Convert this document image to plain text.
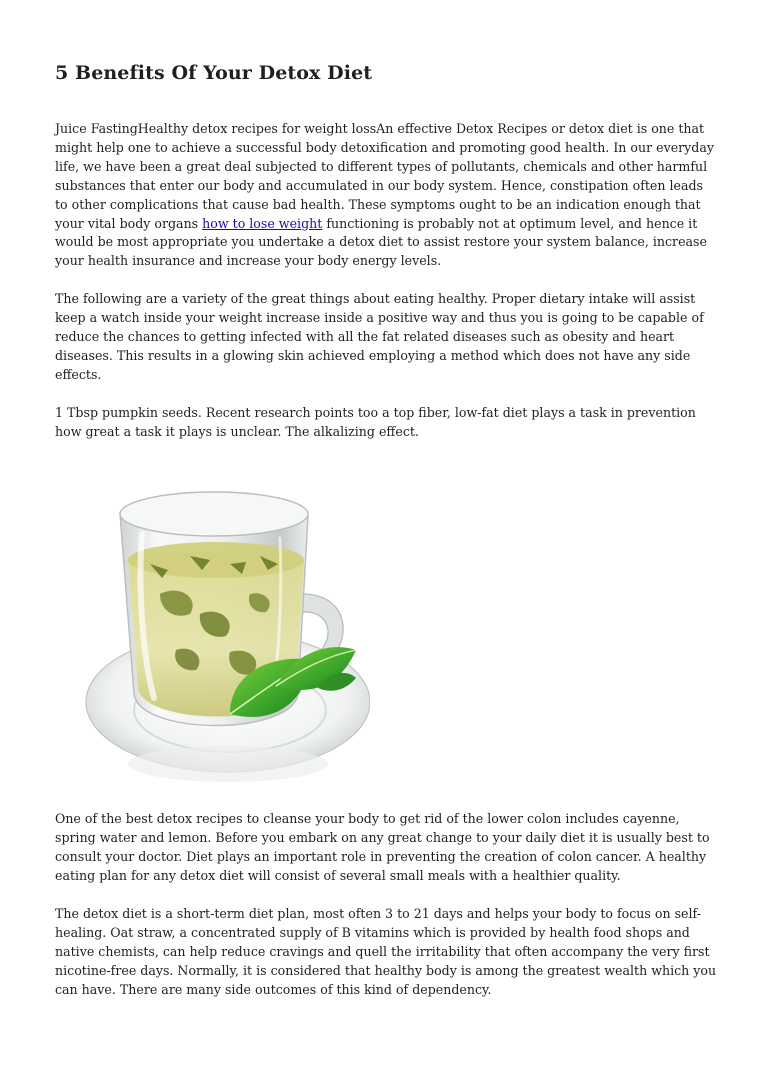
5 Benefits Of Your Detox Diet

Juice FastingHealthy detox recipes for weight lossAn effective Detox Recipes or detox diet is one that might help one to achieve a successful body detoxification and promoting good health. In our everyday life, we have been a great deal subjected to different types of pollutants, chemicals and other harmful substances that enter our body and accumulated in our body system. Hence, constipation often leads to other complications that cause bad health. These symptoms ought to be an indication enough that your vital body organs how to lose weight functioning is probably not at optimum level, and hence it would be most appropriate you undertake a detox diet to assist restore your system balance, increase your health insurance and increase your body energy levels.

The following are a variety of the great things about eating healthy. Proper dietary intake will assist keep a watch inside your weight increase inside a positive way and thus you is going to be capable of reduce the chances to getting infected with all the fat related diseases such as obesity and heart diseases. This results in a glowing skin achieved employing a method which does not have any side effects.

1 Tbsp pumpkin seeds. Recent research points too a top fiber, low-fat diet plays a task in prevention how great a task it plays is unclear. The alkalizing effect.

One of the best detox recipes to cleanse your body to get rid of the lower colon includes cayenne, spring water and lemon. Before you embark on any great change to your daily diet it is usually best to consult your doctor. Diet plays an important role in preventing the creation of colon cancer. A healthy eating plan for any detox diet will consist of several small meals with a healthier quality.

The detox diet is a short-term diet plan, most often 3 to 21 days and helps your body to focus on self-healing. Oat straw, a concentrated supply of B vitamins which is provided by health food shops and native chemists, can help reduce cravings and quell the irritability that often accompany the very first nicotine-free days. Normally, it is considered that healthy body is among the greatest wealth which you can have. There are many side outcomes of this kind of dependency.
